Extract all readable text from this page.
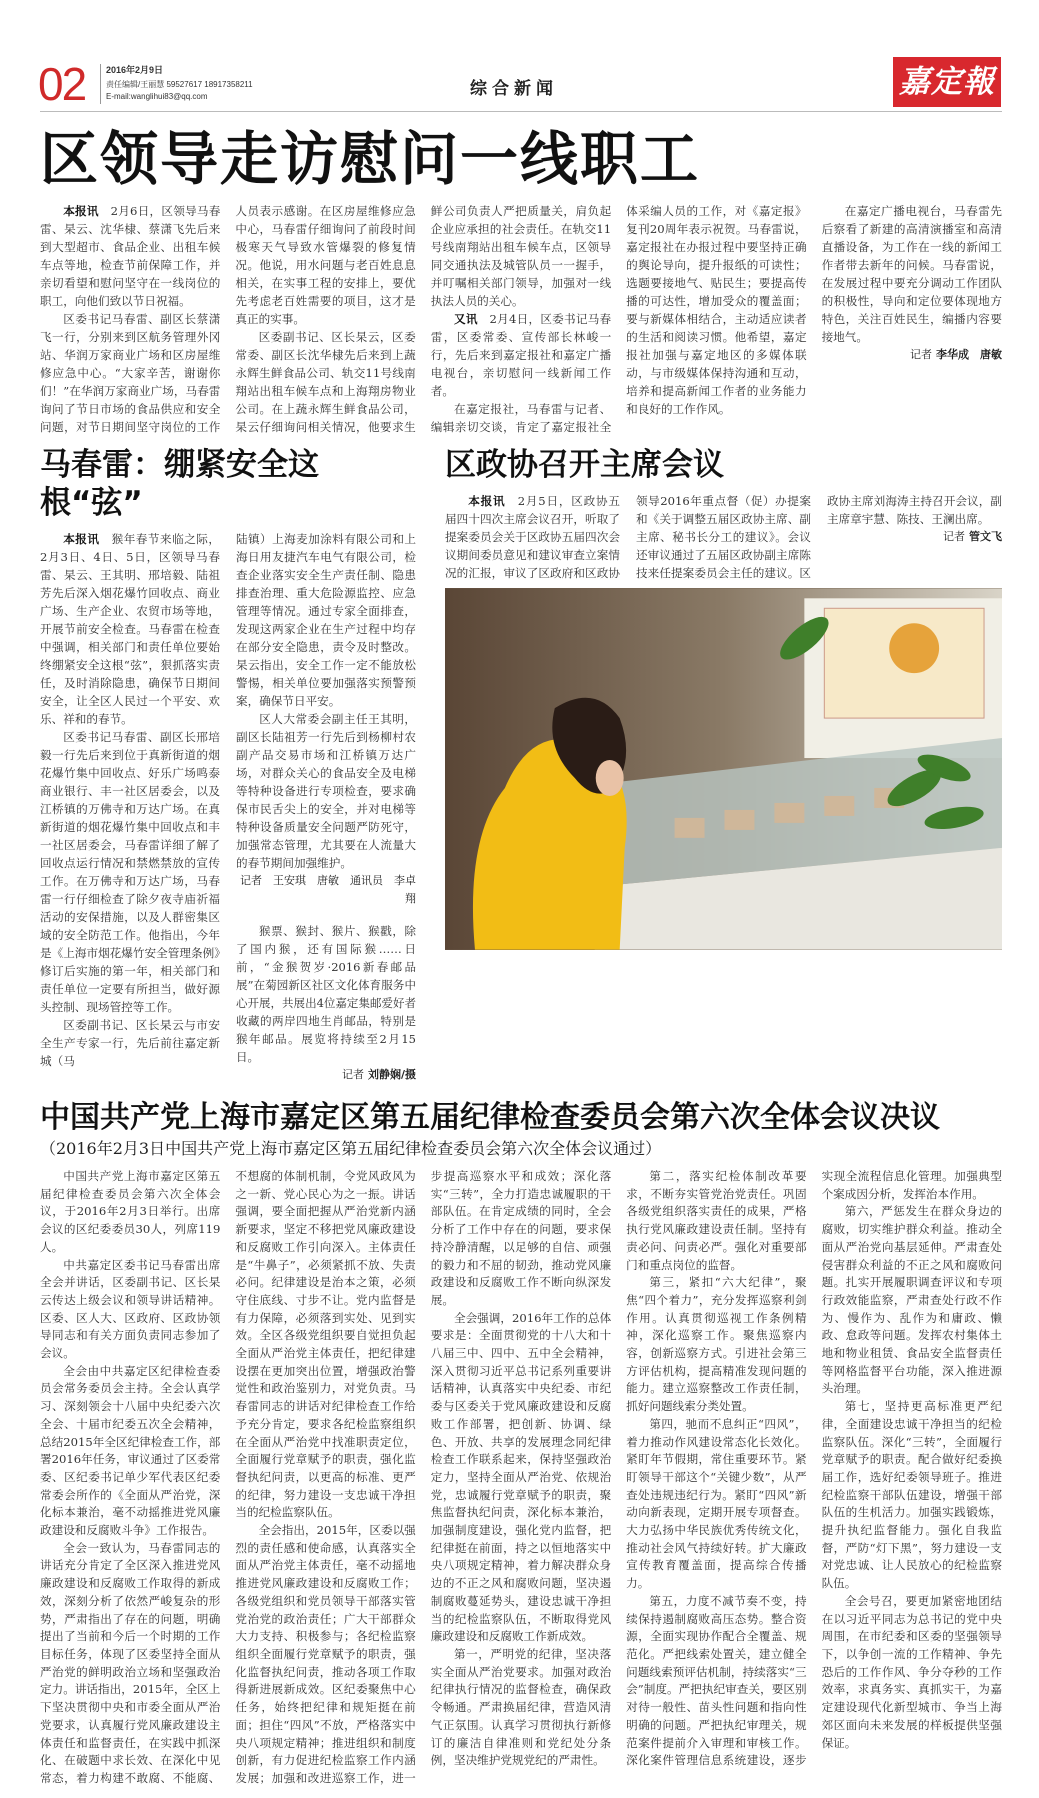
02 2016年2月9日
责任编辑/王丽慧 59527617 18917358211
E-mail:wanglihui83@qq.com	综合新闻	嘉定報
区领导走访慰问一线职工

本报讯　2月6日，区领导马春雷、杲云、沈华棣、蔡潇飞先后来到大型超市、食品企业、出租车候车点等地，检查节前保障工作，并亲切看望和慰问坚守在一线岗位的职工，向他们致以节日祝福。

区委书记马春雷、副区长蔡潇飞一行，分别来到区航务管理外冈站、华润万家商业广场和区房屋维修应急中心。“大家辛苦，谢谢你们！”在华润万家商业广场，马春雷询问了节日市场的食品供应和安全问题，对节日期间坚守岗位的工作人员表示感谢。在区房屋维修应急中心，马春雷仔细询问了前段时间极寒天气导致水管爆裂的修复情况。他说，用水问题与老百姓息息相关，在实事工程的安排上，要优先考虑老百姓需要的项目，这才是真正的实事。

区委副书记、区长杲云，区委常委、副区长沈华棣先后来到上蔬永辉生鲜食品公司、轨交11号线南翔站出租车候车点和上海翔房物业公司。在上蔬永辉生鲜食品公司，杲云仔细询问相关情况，他要求生鲜公司负责人严把质量关，肩负起企业应承担的社会责任。在轨交11号线南翔站出租车候车点，区领导同交通执法及城管队员一一握手，并叮嘱相关部门领导，加强对一线执法人员的关心。

又讯　2月4日，区委书记马春雷，区委常委、宣传部长林峻一行，先后来到嘉定报社和嘉定广播电视台，亲切慰问一线新闻工作者。

在嘉定报社，马春雷与记者、编辑亲切交谈，肯定了嘉定报社全体采编人员的工作，对《嘉定报》复刊20周年表示祝贺。马春雷说，嘉定报社在办报过程中要坚持正确的舆论导向，提升报纸的可读性；选题要接地气、贴民生；要提高传播的可达性，增加受众的覆盖面；要与新媒体相结合，主动适应读者的生活和阅读习惯。他希望，嘉定报社加强与嘉定地区的多媒体联动，与市级媒体保持沟通和互动，培养和提高新闻工作者的业务能力和良好的工作作风。

在嘉定广播电视台，马春雷先后察看了新建的高清演播室和高清直播设备，为工作在一线的新闻工作者带去新年的问候。马春雷说，在发展过程中要充分调动工作团队的积极性，导向和定位要体现地方特色，关注百姓民生，编播内容要接地气。

记者 李华成　唐敏
马春雷：绷紧安全这根“弦”

本报讯　猴年春节来临之际，2月3日、4日、5日，区领导马春雷、杲云、王其明、邢培毅、陆祖芳先后深入烟花爆竹回收点、商业广场、生产企业、农贸市场等地，开展节前安全检查。马春雷在检查中强调，相关部门和责任单位要始终绷紧安全这根“弦”，狠抓落实责任，及时消除隐患，确保节日期间安全，让全区人民过一个平安、欢乐、祥和的春节。

区委书记马春雷、副区长邢培毅一行先后来到位于真新街道的烟花爆竹集中回收点、好乐广场鸣泰商业银行、丰一社区居委会，以及江桥镇的万佛寺和万达广场。在真新街道的烟花爆竹集中回收点和丰一社区居委会，马春雷详细了解了回收点运行情况和禁燃禁放的宣传工作。在万佛寺和万达广场，马春雷一行仔细检查了除夕夜寺庙祈福活动的安保措施，以及人群密集区域的安全防范工作。他指出，今年是《上海市烟花爆竹安全管理条例》修订后实施的第一年，相关部门和责任单位一定要有所担当，做好源头控制、现场管控等工作。

区委副书记、区长杲云与市安全生产专家一行，先后前往嘉定新城（马

陆镇）上海麦加涂料有限公司和上海日用友捷汽车电气有限公司，检查企业落实安全生产责任制、隐患排查治理、重大危险源监控、应急管理等情况。通过专家全面排查，发现这两家企业在生产过程中均存在部分安全隐患，责令及时整改。杲云指出，安全工作一定不能放松警惕，相关单位要加强落实预警预案，确保节日平安。

区人大常委会副主任王其明，副区长陆祖芳一行先后到杨柳村农副产品交易市场和江桥镇万达广场，对群众关心的食品安全及电梯等特种设备进行专项检查，要求确保市民舌尖上的安全，并对电梯等特种设备质量安全问题严防死守，加强常态管理，尤其要在人流量大的春节期间加强维护。

记者　王安琪　唐敏　通讯员　李卓翔

猴票、猴封、猴片、猴戳，除了国内猴，还有国际猴……日前，“金猴贺岁·2016新春邮品展”在菊园新区社区文化体育服务中心开展，共展出4位嘉定集邮爱好者收藏的两岸四地生肖邮品，特别是猴年邮品。展览将持续至2月15日。

记者 刘静娴/摄
区政协召开主席会议

本报讯　2月5日，区政协五届四十四次主席会议召开，听取了提案委员会关于区政协五届四次会议期间委员意见和建议审查立案情况的汇报，审议了区政府和区政协领导2016年重点督（促）办提案和《关于调整五届区政协主席、副主席、秘书长分工的建议》。会议还审议通过了五届区政协副主席陈技来任提案委员会主任的建议。区政协主席刘海涛主持召开会议，副主席章宇慧、陈技、王澜出席。

记者 管文飞
中国共产党上海市嘉定区第五届纪律检查委员会第六次全体会议决议
（2016年2月3日中国共产党上海市嘉定区第五届纪律检查委员会第六次全体会议通过）

中国共产党上海市嘉定区第五届纪律检查委员会第六次全体会议，于2016年2月3日举行。出席会议的区纪委委员30人，列席119人。

中共嘉定区委书记马春雷出席全会并讲话，区委副书记、区长杲云传达上级会议和领导讲话精神。区委、区人大、区政府、区政协领导同志和有关方面负责同志参加了会议。

全会由中共嘉定区纪律检查委员会常务委员会主持。全会认真学习、深刻领会十八届中央纪委六次全会、十届市纪委五次全会精神，总结2015年全区纪律检查工作，部署2016年任务，审议通过了区委常委、区纪委书记单少军代表区纪委常委会所作的《全面从严治党，深化标本兼治，毫不动摇推进党风廉政建设和反腐败斗争》工作报告。

全会一致认为，马春雷同志的讲话充分肯定了全区深入推进党风廉政建设和反腐败工作取得的新成效，深刻分析了依然严峻复杂的形势，严肃指出了存在的问题，明确提出了当前和今后一个时期的工作目标任务，体现了区委坚持全面从严治党的鲜明政治立场和坚强政治定力。讲话指出，2015年，全区上下坚决贯彻中央和市委全面从严治党要求，认真履行党风廉政建设主体责任和监督责任，在实践中抓深化、在破题中求长效、在深化中见常态，着力构建不敢腐、不能腐、不想腐的体制机制，令党风政风为之一新、党心民心为之一振。讲话强调，要全面把握从严治党新内涵新要求，坚定不移把党风廉政建设和反腐败工作引向深入。主体责任是“牛鼻子”，必须紧抓不放、失责必问。纪律建设是治本之策，必须守住底线、寸步不让。党内监督是有力保障，必须落到实处、见到实效。全区各级党组织要自觉担负起全面从严治党主体责任，把纪律建设摆在更加突出位置，增强政治警觉性和政治鉴别力，对党负责。马春雷同志的讲话对纪律检查工作给予充分肯定，要求各纪检监察组织在全面从严治党中找准职责定位，全面履行党章赋予的职责，强化监督执纪问责，以更高的标准、更严的纪律，努力建设一支忠诚干净担当的纪检监察队伍。

全会指出，2015年，区委以强烈的责任感和使命感，认真落实全面从严治党主体责任，毫不动摇地推进党风廉政建设和反腐败工作；各级党组织和党员领导干部落实管党治党的政治责任；广大干部群众大力支持、积极参与；各纪检监察组织全面履行党章赋予的职责，强化监督执纪问责，推动各项工作取得新进展新成效。区纪委聚焦中心任务，始终把纪律和规矩挺在前面；担住“四风”不放，严格落实中央八项规定精神；推进组织和制度创新，有力促进纪检监察工作内涵发展；加强和改进巡察工作，进一步提高巡察水平和成效；深化落实“三转”，全力打造忠诚履职的干部队伍。在肯定成绩的同时，全会分析了工作中存在的问题，要求保持冷静清醒，以足够的自信、顽强的毅力和不屈的韧劲，推动党风廉政建设和反腐败工作不断向纵深发展。

全会强调，2016年工作的总体要求是：全面贯彻党的十八大和十八届三中、四中、五中全会精神，深入贯彻习近平总书记系列重要讲话精神，认真落实中央纪委、市纪委与区委关于党风廉政建设和反腐败工作部署，把创新、协调、绿色、开放、共享的发展理念同纪律检查工作联系起来，保持坚强政治定力，坚持全面从严治党、依规治党，忠诚履行党章赋予的职责，聚焦监督执纪问责，深化标本兼治，加强制度建设，强化党内监督，把纪律挺在前面，持之以恒地落实中央八项规定精神，着力解决群众身边的不正之风和腐败问题，坚决遏制腐败蔓延势头，建设忠诚干净担当的纪检监察队伍，不断取得党风廉政建设和反腐败工作新成效。

第一，严明党的纪律，坚决落实全面从严治党要求。加强对政治纪律执行情况的监督检查，确保政令畅通。严肃换届纪律，营造风清气正氛围。认真学习贯彻执行新修订的廉洁自律准则和党纪处分条例，坚决维护党规党纪的严肃性。

第二，落实纪检体制改革要求，不断夯实管党治党责任。巩固各级党组织落实责任的成果，严格执行党风廉政建设责任制。坚持有责必问、问责必严。强化对重要部门和重点岗位的监督。

第三，紧扣“六大纪律”，聚焦“四个着力”，充分发挥巡察利剑作用。认真贯彻巡视工作条例精神，深化巡察工作。聚焦巡察内容，创新巡察方式。引进社会第三方评估机构，提高精准发现问题的能力。建立巡察整改工作责任制，抓好问题线索分类处置。

第四，驰而不息纠正“四风”，着力推动作风建设常态化长效化。紧盯年节假期，常住重要环节。紧盯领导干部这个“关键少数”，从严查处违规违纪行为。紧盯“四风”新动向新表现，定期开展专项督查。大力弘扬中华民族优秀传统文化，推动社会风气持续好转。扩大廉政宣传教育覆盖面，提高综合传播力。

第五，力度不减节奏不变，持续保持遏制腐败高压态势。整合资源，全面实现协作配合全覆盖、规范化。严把线索处置关，建立健全问题线索预评估机制，持续落实“三会”制度。严把执纪审查关，要区别对待一般性、苗头性问题和指向性明确的问题。严把执纪审理关，规范案件提前介入审理和审核工作。深化案件管理信息系统建设，逐步实现全流程信息化管理。加强典型个案成因分析，发挥治本作用。

第六，严惩发生在群众身边的腐败，切实维护群众利益。推动全面从严治党向基层延伸。严肃查处侵害群众利益的不正之风和腐败问题。扎实开展履职调查评议和专项行政效能监察，严肃查处行政不作为、慢作为、乱作为和庸政、懒政、怠政等问题。发挥农村集体土地和物业租赁、食品安全监督责任等网格监督平台功能，深入推进源头治理。

第七，坚持更高标准更严纪律，全面建设忠诚干净担当的纪检监察队伍。深化“三转”，全面履行党章赋予的职责。配合做好纪委换届工作，选好纪委领导班子。推进纪检监察干部队伍建设，增强干部队伍的生机活力。加强实践锻炼，提升执纪监督能力。强化自我监督，严防“灯下黑”，努力建设一支对党忠诚、让人民放心的纪检监察队伍。

全会号召，要更加紧密地团结在以习近平同志为总书记的党中央周围，在市纪委和区委的坚强领导下，以争创一流的工作精神、争先恐后的工作作风、争分夺秒的工作效率，求真务实、真抓实干，为嘉定建设现代化新型城市、争当上海郊区面向未来发展的样板提供坚强保证。
